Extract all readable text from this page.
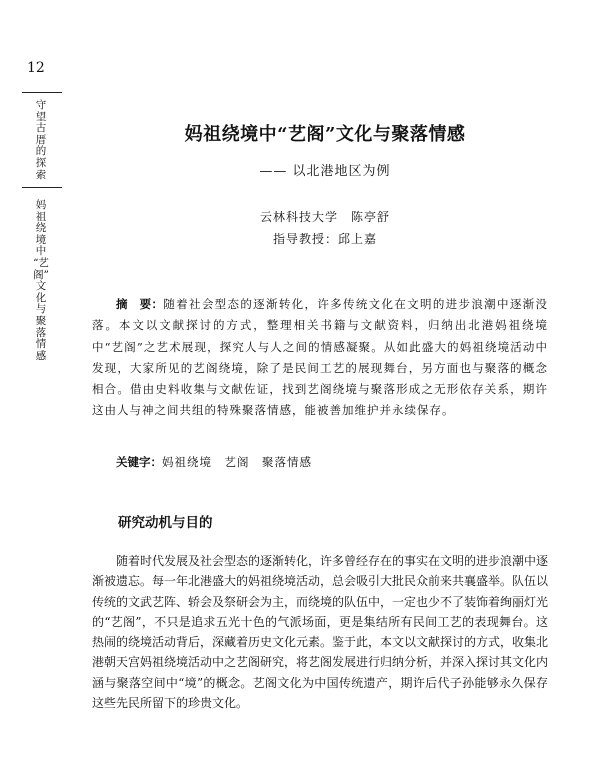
12
守望古厝的探索
妈
祖
绕
境
中
“艺
阁”
文
化
与
聚
落
情
感
妈祖绕境中“艺阁”文化与聚落情感
—— 以北港地区为例
云林科技大学　陈亭舒
指导教授：邱上嘉

摘　要：随着社会型态的逐渐转化，许多传统文化在文明的进步浪潮中逐渐没落。本文以文献探讨的方式，整理相关书籍与文献资料，归纳出北港妈祖绕境中“艺阁”之艺术展现，探究人与人之间的情感凝聚。从如此盛大的妈祖绕境活动中发现，大家所见的艺阁绕境，除了是民间工艺的展现舞台，另方面也与聚落的概念相合。借由史料收集与文献佐证，找到艺阁绕境与聚落形成之无形依存关系，期许这由人与神之间共组的特殊聚落情感，能被善加维护并永续保存。

关键字：妈祖绕境　艺阁　聚落情感
研究动机与目的

随着时代发展及社会型态的逐渐转化，许多曾经存在的事实在文明的进步浪潮中逐渐被遗忘。每一年北港盛大的妈祖绕境活动，总会吸引大批民众前来共襄盛举。队伍以传统的文武艺阵、轿会及祭研会为主，而绕境的队伍中，一定也少不了装饰着绚丽灯光的“艺阁”，不只是追求五光十色的气派场面，更是集结所有民间工艺的表现舞台。这热闹的绕境活动背后，深藏着历史文化元素。鉴于此，本文以文献探讨的方式，收集北港朝天宫妈祖绕境活动中之艺阁研究，将艺阁发展进行归纳分析，并深入探讨其文化内涵与聚落空间中“境”的概念。艺阁文化为中国传统遗产，期许后代子孙能够永久保存这些先民所留下的珍贵文化。
